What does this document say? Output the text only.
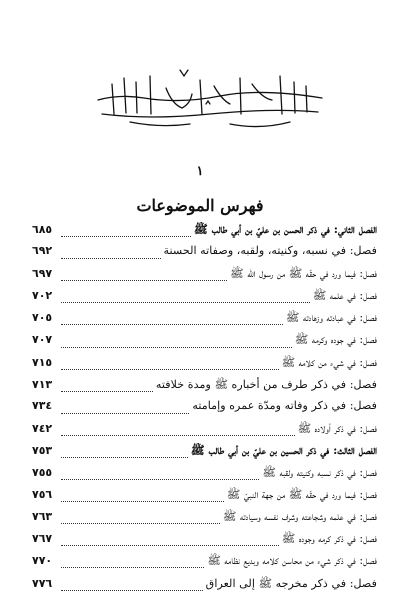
١
فهرس الموضوعات
الفصل الثاني: في ذكر الحسن بن عليّ بن أبي طالب ﷺ
٦٨٥
فصل: في نسبه، وكنيته، ولقبه، وصفاته الحسنة
٦٩٢
فصل: فيما ورد في حقّه ﷺ من رسول الله ﷺ
٦٩٧
فصل: في علمه ﷺ
٧٠٢
فصل: في عبادته وزهادته ﷺ
٧٠٥
فصل: في جوده وكرمه ﷺ
٧٠٧
فصل: في شيء من كلامه ﷺ
٧١٥
فصل: في ذكر طرف من أخباره ﷺ ومدة خلافته
٧١٣
فصل: في ذكر وفاته ومدّة عمره وإمامته
٧٣٤
فصل: في ذكر أولاده ﷺ
٧٤٢
الفصل الثالث: في ذكر الحسين بن عليّ بن أبي طالب ﷺ
٧٥٣
فصل: في ذكر نسبه وكنيته ولقبه ﷺ
٧٥٥
فصل: فيما ورد في حقّه ﷺ من جهة النبيّ ﷺ
٧٥٦
فصل: في علمه وشجاعته وشرف نفسه وسيادته ﷺ
٧٦٣
فصل: في ذكر كرمه وجوده ﷺ
٧٦٧
فصل: في ذكر شيء من محاسن كلامه وبديع نظامه ﷺ
٧٧٠
فصل: في ذكر مخرجه ﷺ إلى العراق
٧٧٦
